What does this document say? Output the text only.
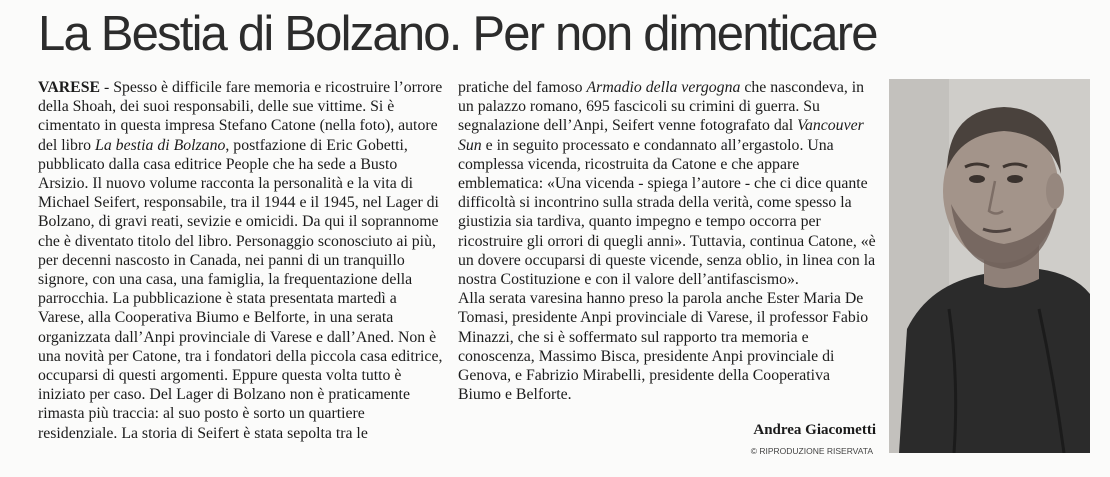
La Bestia di Bolzano. Per non dimenticare

VARESE - Spesso è difficile fare memoria e ricostruire l’orrore della Shoah, dei suoi responsabili, delle sue vittime. Si è cimentato in questa impresa Stefano Catone (nella foto), autore del libro La bestia di Bolzano, postfazione di Eric Gobetti, pubblicato dalla casa editrice People che ha sede a Busto Arsizio. Il nuovo volume racconta la personalità e la vita di Michael Seifert, responsabile, tra il 1944 e il 1945, nel Lager di Bolzano, di gravi reati, sevizie e omicidi. Da qui il soprannome che è diventato titolo del libro. Personaggio sconosciuto ai più, per decenni nascosto in Canada, nei panni di un tranquillo signore, con una casa, una famiglia, la frequentazione della parrocchia. La pubblicazione è stata presentata martedì a Varese, alla Cooperativa Biumo e Belforte, in una serata organizzata dall’Anpi provinciale di Varese e dall’Aned. Non è una novità per Catone, tra i fondatori della piccola casa editrice, occuparsi di questi argomenti. Eppure questa volta tutto è iniziato per caso. Del Lager di Bolzano non è praticamente rimasta più traccia: al suo posto è sorto un quartiere residenziale. La storia di Seifert è stata sepolta tra le

pratiche del famoso Armadio della vergogna che nascondeva, in un palazzo romano, 695 fascicoli su crimini di guerra. Su segnalazione dell’Anpi, Seifert venne fotografato dal Vancouver Sun e in seguito processato e condannato all’ergastolo. Una complessa vicenda, ricostruita da Catone e che appare emblematica: «Una vicenda - spiega l’autore - che ci dice quante difficoltà si incontrino sulla strada della verità, come spesso la giustizia sia tardiva, quanto impegno e tempo occorra per ricostruire gli orrori di quegli anni». Tuttavia, continua Catone, «è un dovere occuparsi di queste vicende, senza oblio, in linea con la nostra Costituzione e con il valore dell’antifascismo».

Alla serata varesina hanno preso la parola anche Ester Maria De Tomasi, presidente Anpi provinciale di Varese, il professor Fabio Minazzi, che si è soffermato sul rapporto tra memoria e conoscenza, Massimo Bisca, presidente Anpi provinciale di Genova, e Fabrizio Mirabelli, presidente della Cooperativa Biumo e Belforte.

Andrea Giacometti
© RIPRODUZIONE RISERVATA
